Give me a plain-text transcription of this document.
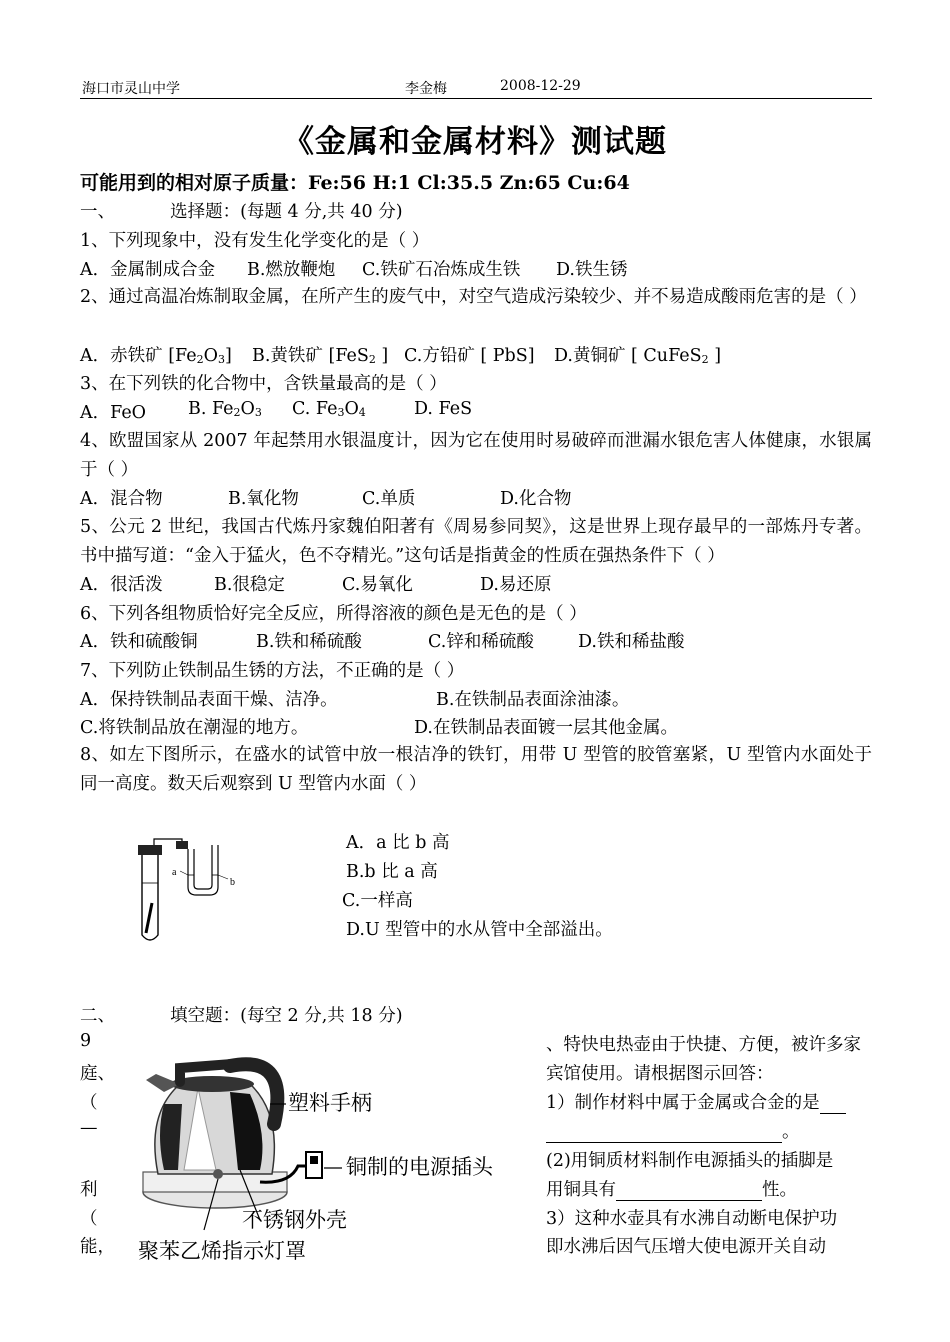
海口市灵山中学	李金梅	2008-12-29
《金属和金属材料》测试题
可能用到的相对原子质量：Fe:56 H:1 Cl:35.5 Zn:65 Cu:64
一、	选择题：(每题 4 分,共 40 分)
1、下列现象中，没有发生化学变化的是（ ）
A．金属制成合金 B.燃放鞭炮 C.铁矿石冶炼成生铁 D.铁生锈
2、通过高温冶炼制取金属，在所产生的废气中，对空气造成污染较少、并不易造成酸雨危害的是（ ）
A．赤铁矿 $[Fe_2O_3]$ B.黄铁矿 [FeS$_2$ ] C.方铅矿 [ PbS] D.黄铜矿 [ CuFeS$_2$ ]
3、在下列铁的化合物中，含铁量最高的是（ ）
A．FeO B. $Fe_2O_3$ C. $Fe_3O_4$	D. FeS
4、欧盟国家从 2007 年起禁用水银温度计，因为它在使用时易破碎而泄漏水银危害人体健康，水银属于（ ）
A．混合物	B.氧化物	C.单质	D.化合物
5、公元 2 世纪，我国古代炼丹家魏伯阳著有《周易参同契》，这是世界上现存最早的一部炼丹专著。书中描写道：“金入于猛火，色不夺精光。”这句话是指黄金的性质在强热条件下（ ）
A．很活泼	B.很稳定	C.易氧化	D.易还原
6、下列各组物质恰好完全反应，所得溶液的颜色是无色的是（ ）
A．铁和硫酸铜	B.铁和稀硫酸	C.锌和稀硫酸	D.铁和稀盐酸
7、下列防止铁制品生锈的方法，不正确的是（ ）
A．保持铁制品表面干燥、洁净。	B.在铁制品表面涂油漆。
C.将铁制品放在潮湿的地方。	D.在铁制品表面镀一层其他金属。
8、如左下图所示，在盛水的试管中放一根洁净的铁钉，用带 U 型管的胶管塞紧，U 型管内水面处于同一高度。数天后观察到 U 型管内水面（ ）
a
b
A．a 比 b 高
B.b 比 a 高
C.一样高
D.U 型管中的水从管中全部溢出。
二、	填空题：(每空 2 分,共 18 分)
9
庭、
（
—
利
（
能，
塑料手柄
铜制的电源插头
不锈钢外壳
聚苯乙烯指示灯罩
、特快电热壶由于快捷、方便，被许多家
宾馆使用。请根据图示回答：
1）制作材料中属于金属或合金的是
。
(2)用铜质材料制作电源插头的插脚是
用铜具有	性。
3）这种水壶具有水沸自动断电保护功
即水沸后因气压增大使电源开关自动
